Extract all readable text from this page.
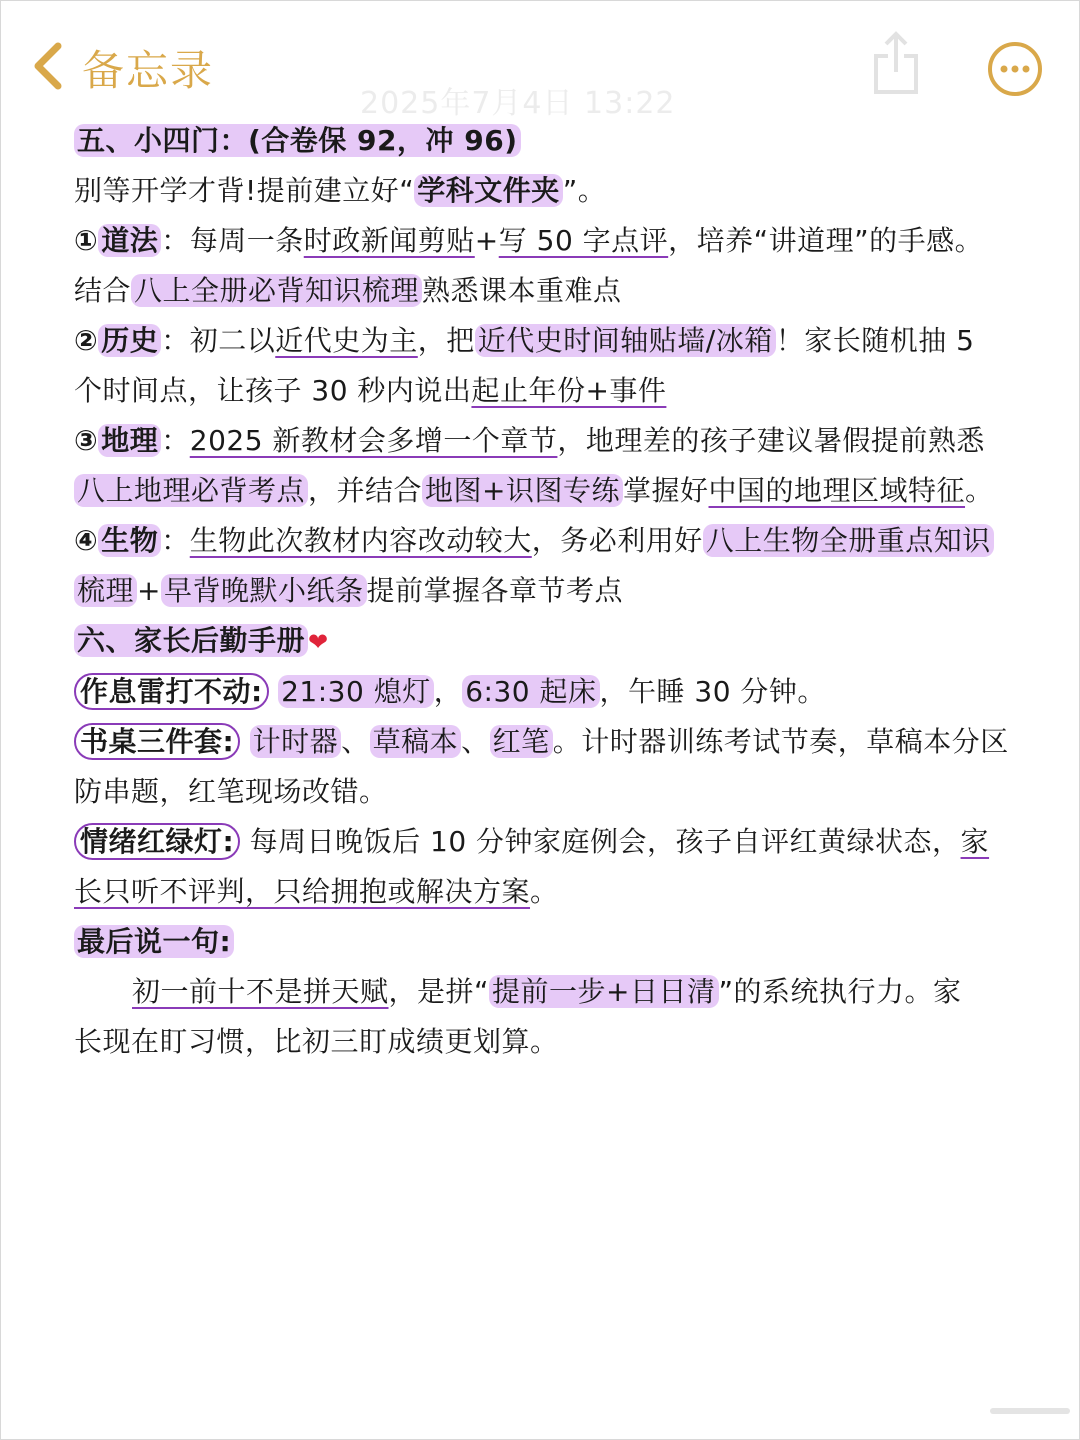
备忘录
2025年7月4日 13:22
五、小四门：(合卷保 92，冲 96)
别等开学才背!提前建立好“ 学科文件夹 ”。
① 道法 ：每周一条时政新闻剪贴+写 50 字点评，培养“讲道理”的手感。
结合 八上全册必背知识梳理 熟悉课本重难点
② 历史 ：初二以近代史为主，把 近代史时间轴贴墙/冰箱 ！家长随机抽 5
个时间点，让孩子 30 秒内说出起止年份+事件
③ 地理 ：2025 新教材会多增一个章节，地理差的孩子建议暑假提前熟悉
八上地理必背考点 ，并结合 地图+识图专练 掌握好中国的地理区域特征。
④ 生物 ：生物此次教材内容改动较大，务必利用好 八上生物全册重点知识
梳理 + 早背晚默小纸条 提前掌握各章节考点
六、家长后勤手册 ❤
作息雷打不动: 21:30 熄灯 ， 6:30 起床 ，午睡 30 分钟。
书桌三件套: 计时器 、 草稿本 、 红笔 。计时器训练考试节奏，草稿本分区
防串题，红笔现场改错。
情绪红绿灯: 每周日晚饭后 10 分钟家庭例会，孩子自评红黄绿状态，家
长只听不评判，只给拥抱或解决方案。
最后说一句:
初一前十不是拼天赋，是拼“ 提前一步+日日清 ”的系统执行力。家
长现在盯习惯，比初三盯成绩更划算。
